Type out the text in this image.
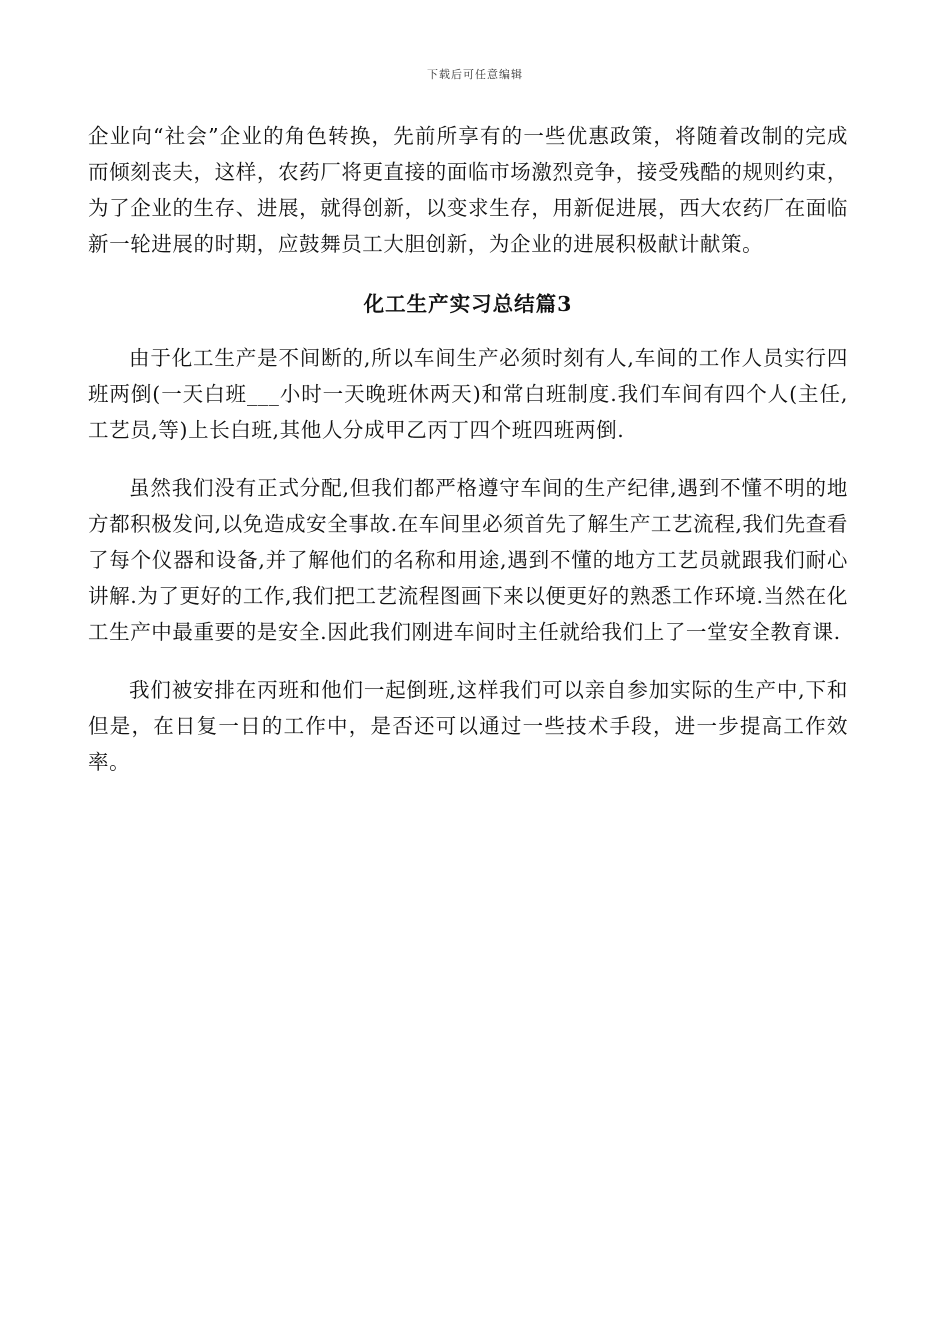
下载后可任意编辑

企业向“社会”企业的角色转换，先前所享有的一些优惠政策，将随着改制的完成而倾刻丧夫，这样，农药厂将更直接的面临市场激烈竞争，接受残酷的规则约束，为了企业的生存、进展，就得创新，以变求生存，用新促进展，西大农药厂在面临新一轮进展的时期，应鼓舞员工大胆创新，为企业的进展积极献计献策。

化工生产实习总结篇3

由于化工生产是不间断的,所以车间生产必须时刻有人,车间的工作人员实行四班两倒(一天白班___小时一天晚班休两天)和常白班制度.我们车间有四个人(主任,工艺员,等)上长白班,其他人分成甲乙丙丁四个班四班两倒.

虽然我们没有正式分配,但我们都严格遵守车间的生产纪律,遇到不懂不明的地方都积极发问,以免造成安全事故.在车间里必须首先了解生产工艺流程,我们先查看了每个仪器和设备,并了解他们的名称和用途,遇到不懂的地方工艺员就跟我们耐心讲解.为了更好的工作,我们把工艺流程图画下来以便更好的熟悉工作环境.当然在化工生产中最重要的是安全.因此我们刚进车间时主任就给我们上了一堂安全教育课.

我们被安排在丙班和他们一起倒班,这样我们可以亲自参加实际的生产中,下和但是，在日复一日的工作中，是否还可以通过一些技术手段，进一步提高工作效率。
